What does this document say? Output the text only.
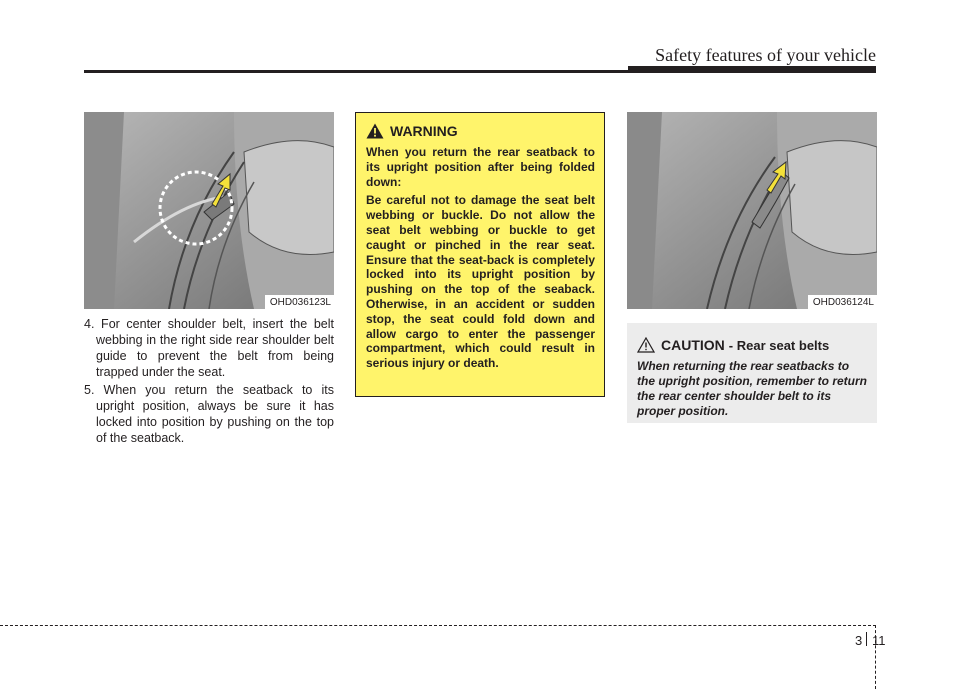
Safety features of your vehicle
OHD036123L

4. For center shoulder belt, insert the belt webbing in the right side rear shoulder belt guide to prevent the belt from being trapped under the seat.

5. When you return the seatback to its upright position, always be sure it has locked into position by pushing on the top of the seatback.

WARNING

When you return the rear seatback to its upright position after being folded down:

Be careful not to damage the seat belt webbing or buckle. Do not allow the seat belt webbing or buckle to get caught or pinched in the rear seat. Ensure that the seat-back is completely locked into its upright position by pushing on the top of the seaback. Otherwise, in an accident or sudden stop, the seat could fold down and allow cargo to enter the passenger compartment, which could result in serious injury or death.

OHD036124L
CAUTION - Rear seat belts

When returning the rear seatbacks to the upright position, remember to return the rear center shoulder belt to its proper position.

3 11
